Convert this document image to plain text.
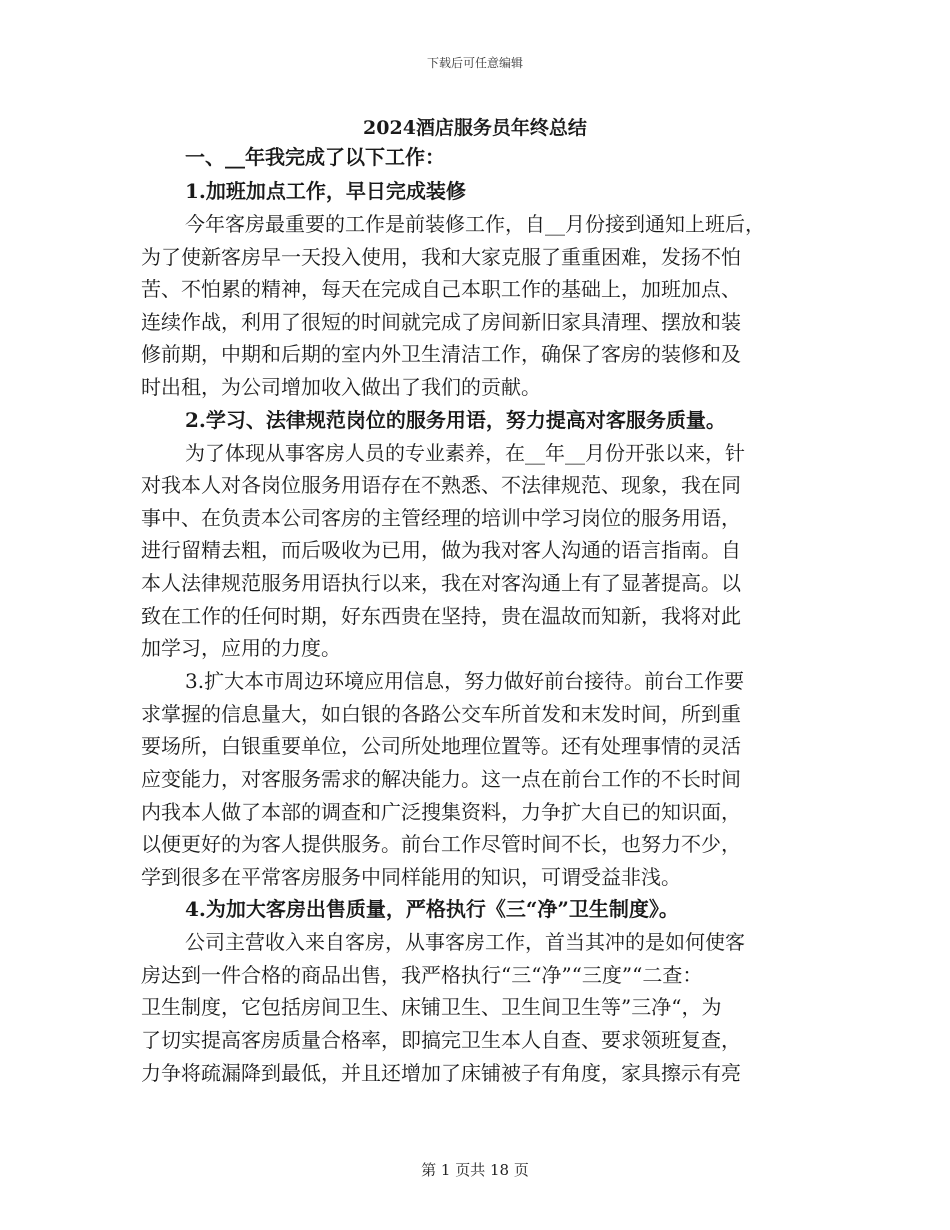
下载后可任意编辑
2024酒店服务员年终总结

一、__年我完成了以下工作：

1.加班加点工作，早日完成装修

今年客房最重要的工作是前装修工作，自__月份接到通知上班后，
为了使新客房早一天投入使用，我和大家克服了重重困难，发扬不怕
苦、不怕累的精神，每天在完成自己本职工作的基础上，加班加点、
连续作战，利用了很短的时间就完成了房间新旧家具清理、摆放和装
修前期，中期和后期的室内外卫生清洁工作，确保了客房的装修和及
时出租，为公司增加收入做出了我们的贡献。

2.学习、法律规范岗位的服务用语，努力提高对客服务质量。

为了体现从事客房人员的专业素养，在__年__月份开张以来，针
对我本人对各岗位服务用语存在不熟悉、不法律规范、现象，我在同
事中、在负责本公司客房的主管经理的培训中学习岗位的服务用语，
进行留精去粗，而后吸收为已用，做为我对客人沟通的语言指南。自
本人法律规范服务用语执行以来，我在对客沟通上有了显著提高。以
致在工作的任何时期，好东西贵在坚持，贵在温故而知新，我将对此
加学习，应用的力度。

3.扩大本市周边环境应用信息，努力做好前台接待。前台工作要

求掌握的信息量大，如白银的各路公交车所首发和末发时间，所到重
要场所，白银重要单位，公司所处地理位置等。还有处理事情的灵活
应变能力，对客服务需求的解决能力。这一点在前台工作的不长时间
内我本人做了本部的调查和广泛搜集资料，力争扩大自已的知识面，
以便更好的为客人提供服务。前台工作尽管时间不长，也努力不少，
学到很多在平常客房服务中同样能用的知识，可谓受益非浅。

4.为加大客房出售质量，严格执行《三“净”卫生制度》。

公司主营收入来自客房，从事客房工作，首当其冲的是如何使客
房达到一件合格的商品出售，我严格执行“三“净”“三度”“二查：
卫生制度，它包括房间卫生、床铺卫生、卫生间卫生等”三净“，为
了切实提高客房质量合格率，即搞完卫生本人自查、要求领班复查，
力争将疏漏降到最低，并且还增加了床铺被子有角度，家具擦示有亮
第 1 页共 18 页
